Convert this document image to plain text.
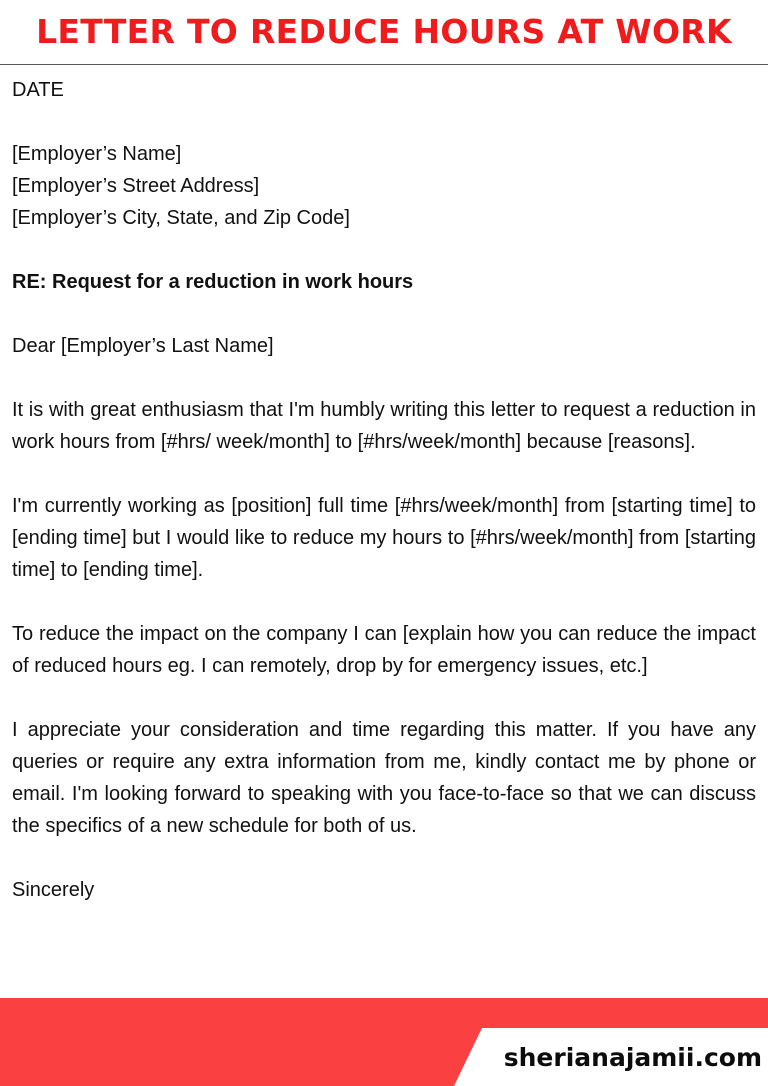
LETTER TO REDUCE HOURS AT WORK
DATE
[Employer’s Name]
[Employer’s Street Address]
[Employer’s City, State, and Zip Code]
RE: Request for a reduction in work hours
Dear [Employer’s Last Name]

It is with great enthusiasm that I'm humbly writing this letter to request a reduction in work hours from [#hrs/ week/month] to [#hrs/week/month] because [reasons].

I'm currently working as [position] full time [#hrs/week/month] from [starting time] to [ending time] but I would like to reduce my hours to [#hrs/week/month] from [starting time] to [ending time].

To reduce the impact on the company I can [explain how you can reduce the impact of reduced hours eg. I can remotely, drop by for emergency issues, etc.]

I appreciate your consideration and time regarding this matter. If you have any queries or require any extra information from me, kindly contact me by phone or email. I'm looking forward to speaking with you face-to-face so that we can discuss the specifics of a new schedule for both of us.

Sincerely
sherianajamii.com
